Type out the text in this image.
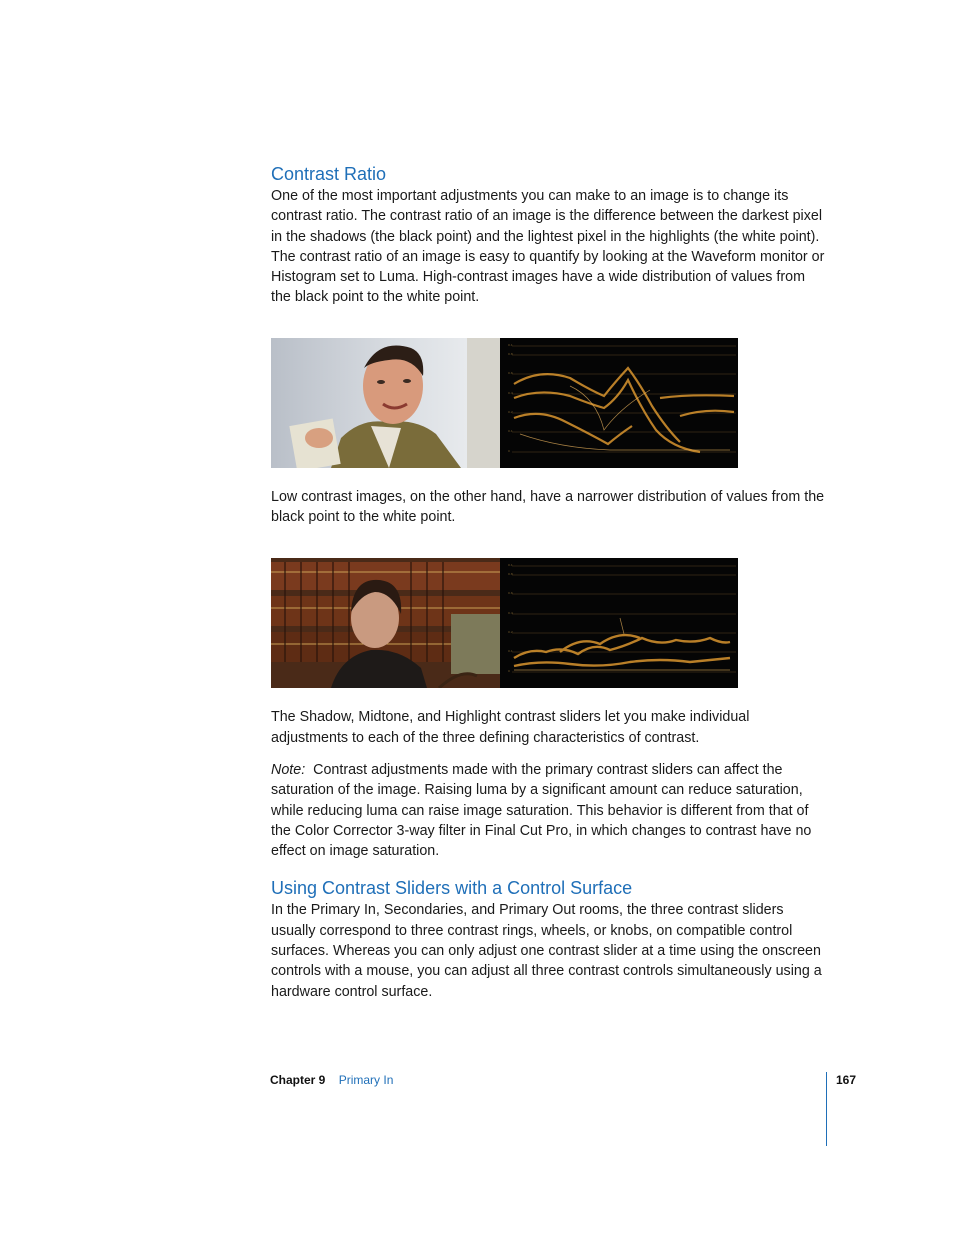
Contrast Ratio

One of the most important adjustments you can make to an image is to change its contrast ratio. The contrast ratio of an image is the difference between the darkest pixel in the shadows (the black point) and the lightest pixel in the highlights (the white point). The contrast ratio of an image is easy to quantify by looking at the Waveform monitor or Histogram set to Luma. High-contrast images have a wide distribution of values from the black point to the white point.

0.1
0.8
0.6
0.4
0.2
0.1
0

Low contrast images, on the other hand, have a narrower distribution of values from the black point to the white point.

0.1
0.8
0.6
0.4
0.2
0.1
0

The Shadow, Midtone, and Highlight contrast sliders let you make individual adjustments to each of the three defining characteristics of contrast.

Note: Contrast adjustments made with the primary contrast sliders can affect the saturation of the image. Raising luma by a significant amount can reduce saturation, while reducing luma can raise image saturation. This behavior is different from that of the Color Corrector 3-way filter in Final Cut Pro, in which changes to contrast have no effect on image saturation.

Using Contrast Sliders with a Control Surface

In the Primary In, Secondaries, and Primary Out rooms, the three contrast sliders usually correspond to three contrast rings, wheels, or knobs, on compatible control surfaces. Whereas you can only adjust one contrast slider at a time using the onscreen controls with a mouse, you can adjust all three contrast controls simultaneously using a hardware control surface.

Chapter 9 Primary In	167
